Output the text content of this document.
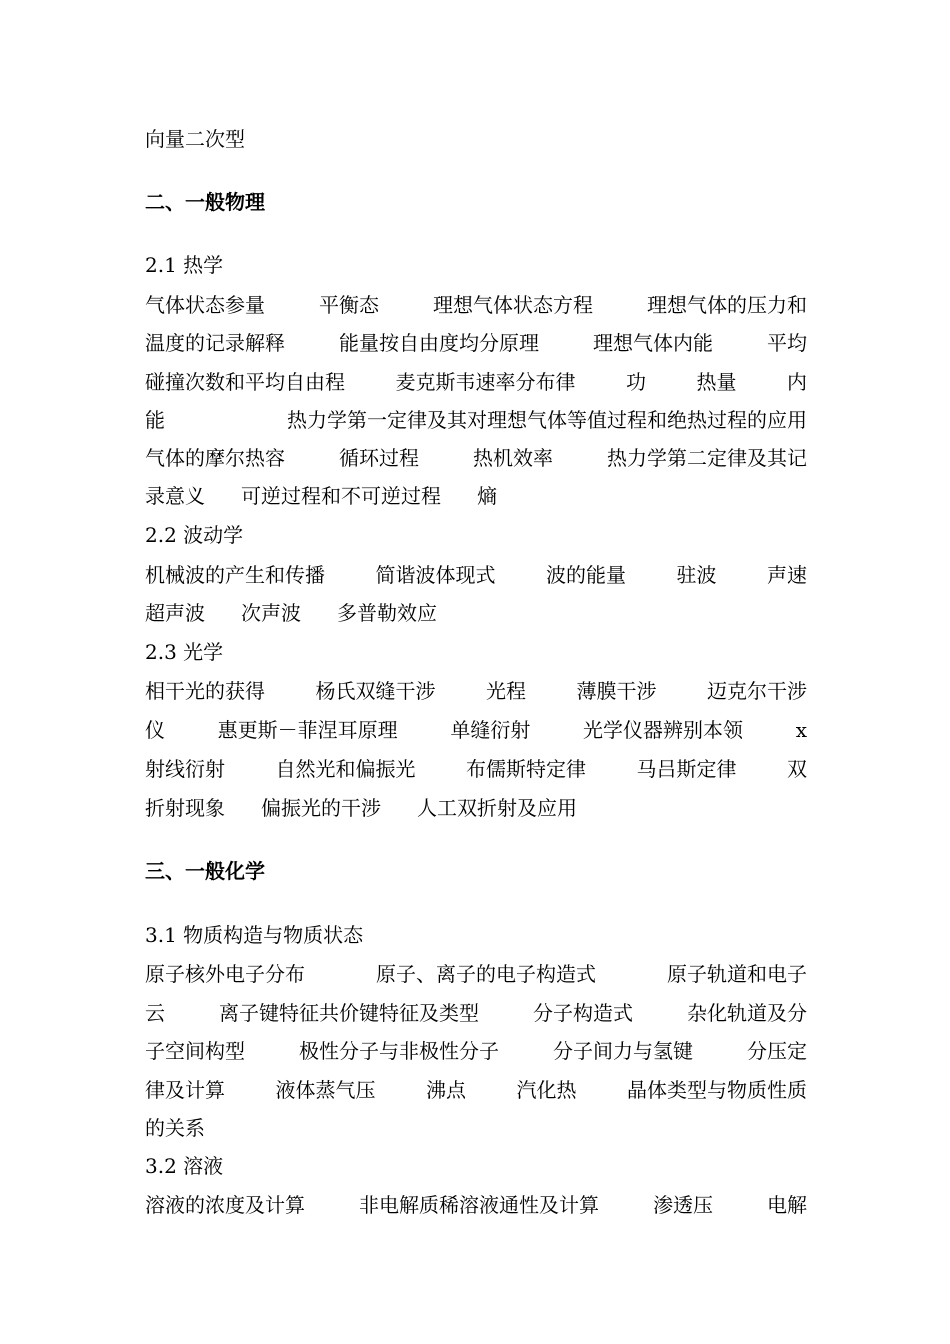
向量二次型
二、一般物理
2.1 热学
气体状态参量	平衡态	理想气体状态方程	理想气体的压力和
温度的记录解释	能量按自由度均分原理	理想气体内能	平均
碰撞次数和平均自由程	麦克斯韦速率分布律	功	热量	内
能	热力学第一定律及其对理想气体等值过程和绝热过程的应用
气体的摩尔热容	循环过程	热机效率	热力学第二定律及其记
录意义 可逆过程和不可逆过程 熵
2.2 波动学
机械波的产生和传播	简谐波体现式	波的能量	驻波	声速
超声波 次声波 多普勒效应
2.3 光学
相干光的获得	杨氏双缝干涉	光程	薄膜干涉	迈克尔干涉
仪	惠更斯－菲涅耳原理	单缝衍射	光学仪器辨别本领	x
射线衍射	自然光和偏振光	布儒斯特定律	马吕斯定律	双
折射现象 偏振光的干涉 人工双折射及应用
三、一般化学
3.1 物质构造与物质状态
原子核外电子分布	原子、离子的电子构造式	原子轨道和电子
云	离子键特征共价键特征及类型	分子构造式	杂化轨道及分
子空间构型	极性分子与非极性分子	分子间力与氢键	分压定
律及计算	液体蒸气压	沸点	汽化热	晶体类型与物质性质
的关系
3.2 溶液
溶液的浓度及计算	非电解质稀溶液通性及计算	渗透压	电解
